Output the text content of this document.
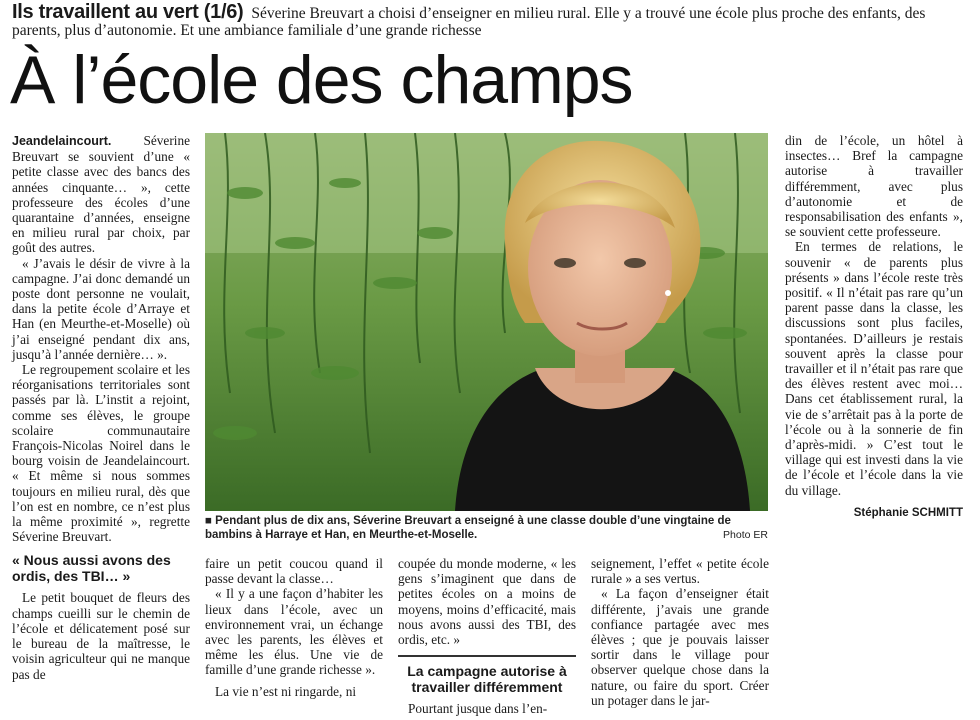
Ils travaillent au vert (1/6) Séverine Breuvart a choisi d’enseigner en milieu rural. Elle y a trouvé une école plus proche des enfants, des parents, plus d’autonomie. Et une ambiance familiale d’une grande richesse
À l’école des champs

Jeandelaincourt. Séverine Breuvart se souvient d’une « petite classe avec des bancs des années cinquante… », cette professeure des écoles d’une quarantaine d’années, enseigne en milieu rural par choix, par goût des autres.

« J’avais le désir de vivre à la campagne. J’ai donc demandé un poste dont personne ne voulait, dans la petite école d’Arraye et Han (en Meurthe-et-Moselle) où j’ai enseigné pendant dix ans, jusqu’à l’année dernière… ».

Le regroupement scolaire et les réorganisations territoriales sont passés par là. L’instit a rejoint, comme ses élèves, le groupe scolaire communautaire François-Nicolas Noirel dans le bourg voisin de Jeandelaincourt. « Et même si nous sommes toujours en milieu rural, dès que l’on est en nombre, ce n’est plus la même proximité », regrette Séverine Breuvart.

« Nous aussi avons des ordis, des TBI… »

Le petit bouquet de fleurs des champs cueilli sur le chemin de l’école et délicatement posé sur le bureau de la maîtresse, le voisin agriculteur qui ne manque pas de

■ Pendant plus de dix ans, Séverine Breuvart a enseigné à une classe double d’une vingtaine de bambins à Harraye et Han, en Meurthe-et-Moselle.	Photo ER

faire un petit coucou quand il passe devant la classe…

« Il y a une façon d’habiter les lieux dans l’école, avec un environnement vrai, un échange avec les parents, les élèves et même les élus. Une vie de famille d’une grande richesse ».

La vie n’est ni ringarde, ni

coupée du monde moderne, « les gens s’imaginent que dans de petites écoles on a moins de moyens, moins d’efficacité, mais nous avons aussi des TBI, des ordis, etc. »

La campagne autorise à travailler différemment

Pourtant jusque dans l’en-

seignement, l’effet « petite école rurale » a ses vertus.

« La façon d’enseigner était différente, j’avais une grande confiance partagée avec mes élèves ; que je pouvais laisser sortir dans le village pour observer quelque chose dans la nature, ou faire du sport. Créer un potager dans le jar-

din de l’école, un hôtel à insectes… Bref la campagne autorise à travailler différemment, avec plus d’autonomie et de responsabilisation des enfants », se souvient cette professeure.

En termes de relations, le souvenir « de parents plus présents » dans l’école reste très positif. « Il n’était pas rare qu’un parent passe dans la classe, les discussions sont plus faciles, spontanées. D’ailleurs je restais souvent après la classe pour travailler et il n’était pas rare que des élèves restent avec moi… Dans cet établissement rural, la vie de s’arrêtait pas à la porte de l’école ou à la sonnerie de fin d’après-midi. » C’est tout le village qui est investi dans la vie de l’école et l’école dans la vie du village.

Stéphanie SCHMITT
